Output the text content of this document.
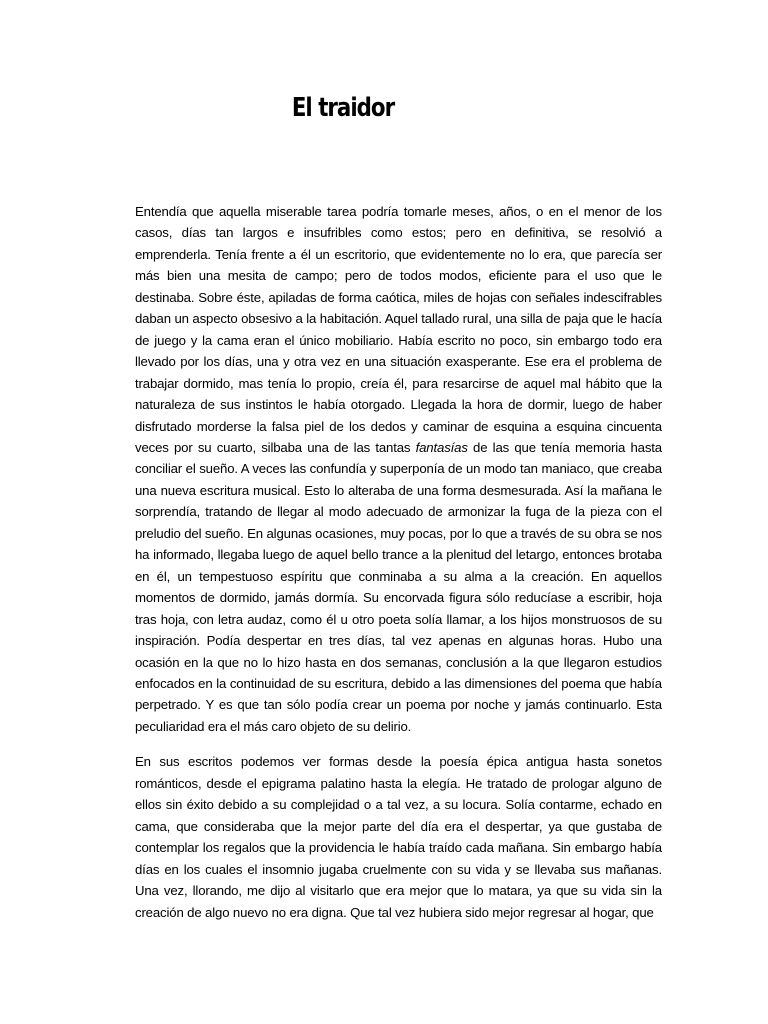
El traidor

Entendía que aquella miserable tarea podría tomarle meses, años, o en el menor de los casos, días tan largos e insufribles como estos; pero en definitiva, se resolvió a emprenderla. Tenía frente a él un escritorio, que evidentemente no lo era, que parecía ser más bien una mesita de campo; pero de todos modos, eficiente para el uso que le destinaba. Sobre éste, apiladas de forma caótica, miles de hojas con señales indescifrables daban un aspecto obsesivo a la habitación. Aquel tallado rural, una silla de paja que le hacía de juego y la cama eran el único mobiliario. Había escrito no poco, sin embargo todo era llevado por los días, una y otra vez en una situación exasperante. Ese era el problema de trabajar dormido, mas tenía lo propio, creía él, para resarcirse de aquel mal hábito que la naturaleza de sus instintos le había otorgado. Llegada la hora de dormir, luego de haber disfrutado morderse la falsa piel de los dedos y caminar de esquina a esquina cincuenta veces por su cuarto, silbaba una de las tantas fantasías de las que tenía memoria hasta conciliar el sueño. A veces las confundía y superponía de un modo tan maniaco, que creaba una nueva escritura musical. Esto lo alteraba de una forma desmesurada. Así la mañana le sorprendía, tratando de llegar al modo adecuado de armonizar la fuga de la pieza con el preludio del sueño. En algunas ocasiones, muy pocas, por lo que a través de su obra se nos ha informado, llegaba luego de aquel bello trance a la plenitud del letargo, entonces brotaba en él, un tempestuoso espíritu que conminaba a su alma a la creación. En aquellos momentos de dormido, jamás dormía. Su encorvada figura sólo reducíase a escribir, hoja tras hoja, con letra audaz, como él u otro poeta solía llamar, a los hijos monstruosos de su inspiración. Podía despertar en tres días, tal vez apenas en algunas horas. Hubo una ocasión en la que no lo hizo hasta en dos semanas, conclusión a la que llegaron estudios enfocados en la continuidad de su escritura, debido a las dimensiones del poema que había perpetrado. Y es que tan sólo podía crear un poema por noche y jamás continuarlo. Esta peculiaridad era el más caro objeto de su delirio.

En sus escritos podemos ver formas desde la poesía épica antigua hasta sonetos románticos, desde el epigrama palatino hasta la elegía. He tratado de prologar alguno de ellos sin éxito debido a su complejidad o a tal vez, a su locura. Solía contarme, echado en cama, que consideraba que la mejor parte del día era el despertar, ya que gustaba de contemplar los regalos que la providencia le había traído cada mañana. Sin embargo había días en los cuales el insomnio jugaba cruelmente con su vida y se llevaba sus mañanas. Una vez, llorando, me dijo al visitarlo que era mejor que lo matara, ya que su vida sin la creación de algo nuevo no era digna. Que tal vez hubiera sido mejor regresar al hogar, que
